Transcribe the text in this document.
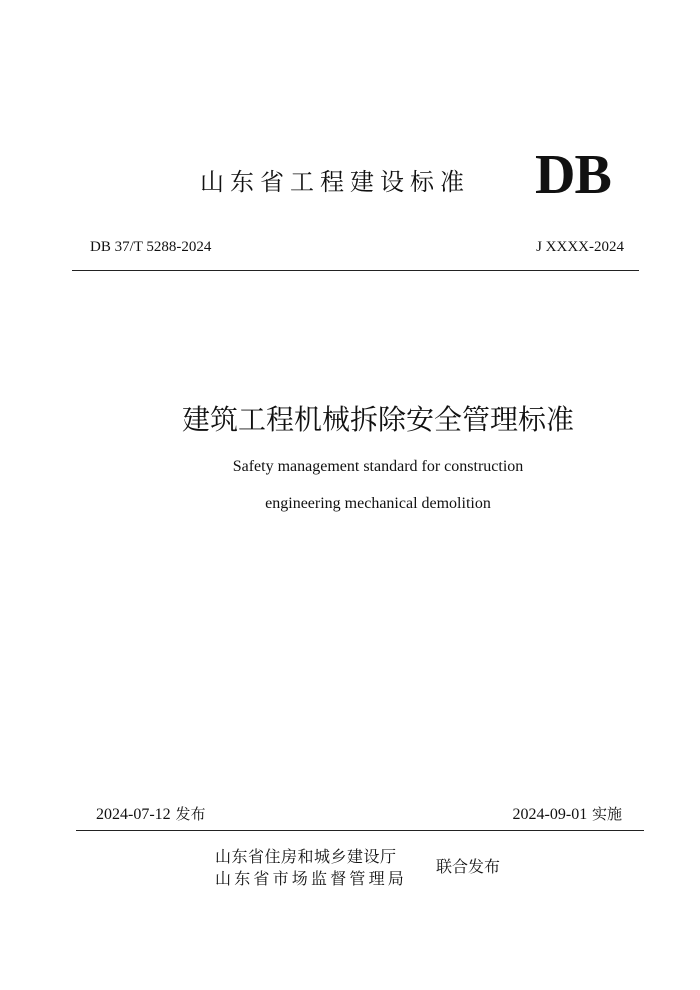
山东省工程建设标准 DB
DB 37/T 5288-2024	J XXXX-2024
建筑工程机械拆除安全管理标准
Safety management standard for construction
engineering mechanical demolition
2024-07-12 发布	2024-09-01 实施
山东省住房和城乡建设厅
山东省市场监督管理局
联合发布
